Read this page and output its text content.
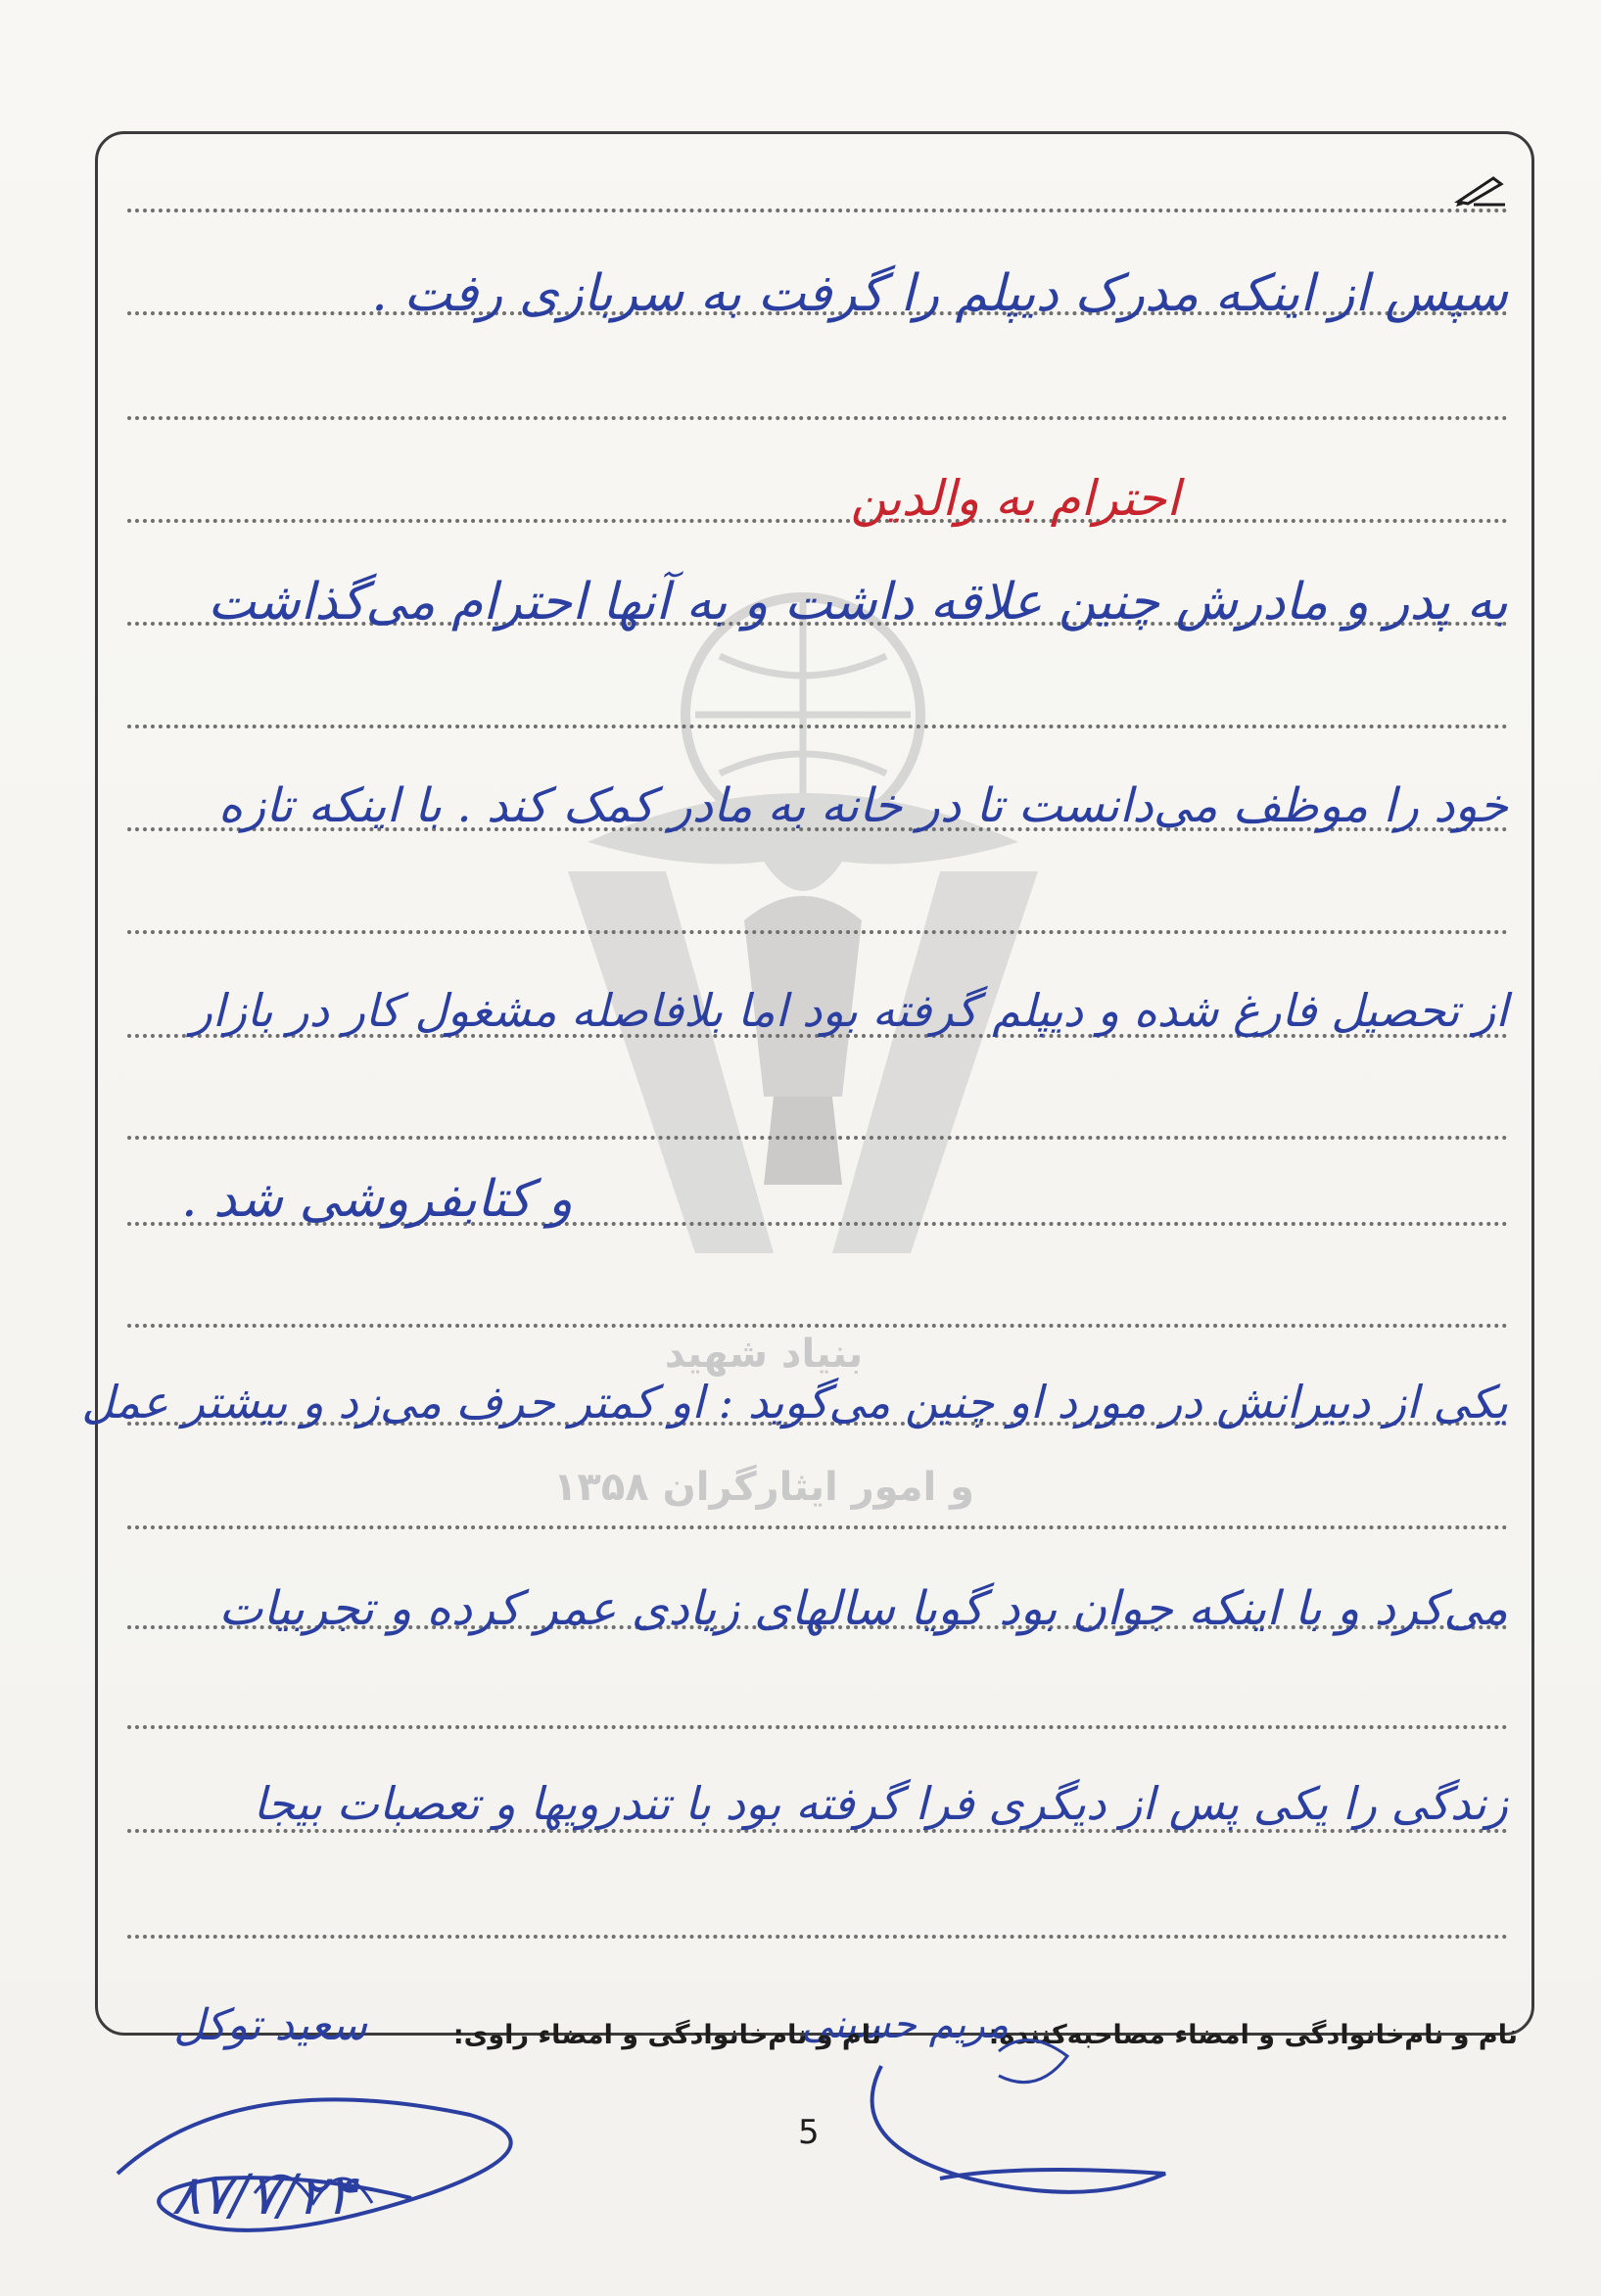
بنیاد شهید
۱۳۵۸ و امور ایثارگران
سپس از اینکه مدرک دیپلم را گرفت به سربازی رفت .
احترام به والدین
به پدر و مادرش چنین علاقه داشت و به آنها احترام می‌گذاشت
خود را موظف می‌دانست تا در خانه به مادر کمک کند . با اینکه تازه
از تحصیل فارغ شده و دیپلم گرفته بود اما بلافاصله مشغول کار در بازار
و کتابفروشی شد .
یکی از دبیرانش در مورد او چنین می‌گوید : او کمتر حرف می‌زد و بیشتر عمل
می‌کرد و با اینکه جوان بود گویا سالهای زیادی عمر کرده و تجربیات
زندگی را یکی پس از دیگری فرا گرفته بود با تندرویها و تعصبات بیجا
نام و نام‌خانوادگی و امضاء مصاحبه‌کننده:
مریم حسینی
نام و نام‌خانوادگی و امضاء راوی:
سعید توکل
5
۸۷/۷/۲۴
